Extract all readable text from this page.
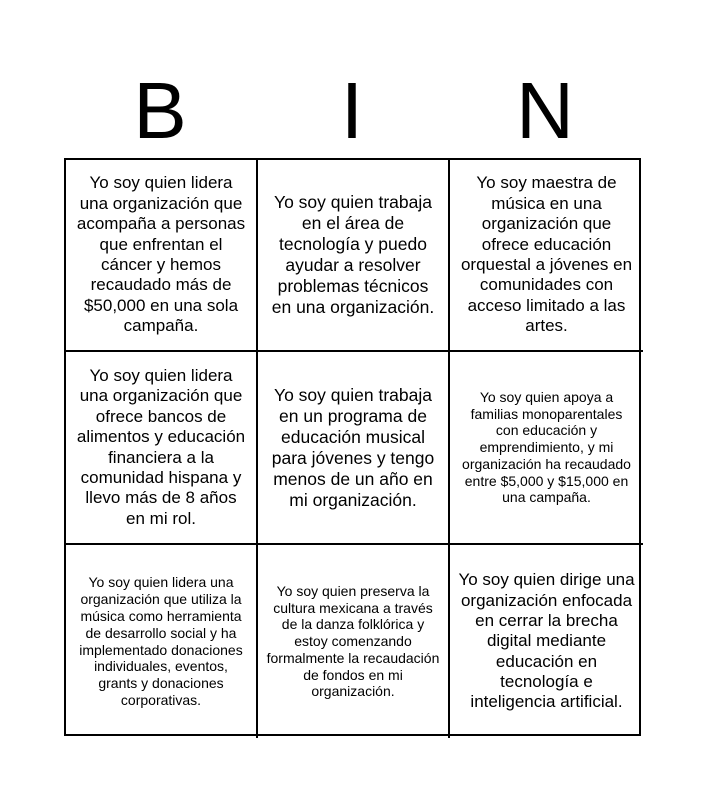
B	I	N
Yo soy quien lidera una organización que acompaña a personas que enfrentan el cáncer y hemos recaudado más de $50,000 en una sola campaña.
Yo soy quien trabaja en el área de tecnología y puedo ayudar a resolver problemas técnicos en una organización.
Yo soy maestra de música en una organización que ofrece educación orquestal a jóvenes en comunidades con acceso limitado a las artes.
Yo soy quien lidera una organización que ofrece bancos de alimentos y educación financiera a la comunidad hispana y llevo más de 8 años en mi rol.
Yo soy quien trabaja en un programa de educación musical para jóvenes y tengo menos de un año en mi organización.
Yo soy quien apoya a familias monoparentales con educación y emprendimiento, y mi organización ha recaudado entre $5,000 y $15,000 en una campaña.
Yo soy quien lidera una organización que utiliza la música como herramienta de desarrollo social y ha implementado donaciones individuales, eventos, grants y donaciones corporativas.
Yo soy quien preserva la cultura mexicana a través de la danza folklórica y estoy comenzando formalmente la recaudación de fondos en mi organización.
Yo soy quien dirige una organización enfocada en cerrar la brecha digital mediante educación en tecnología e inteligencia artificial.
